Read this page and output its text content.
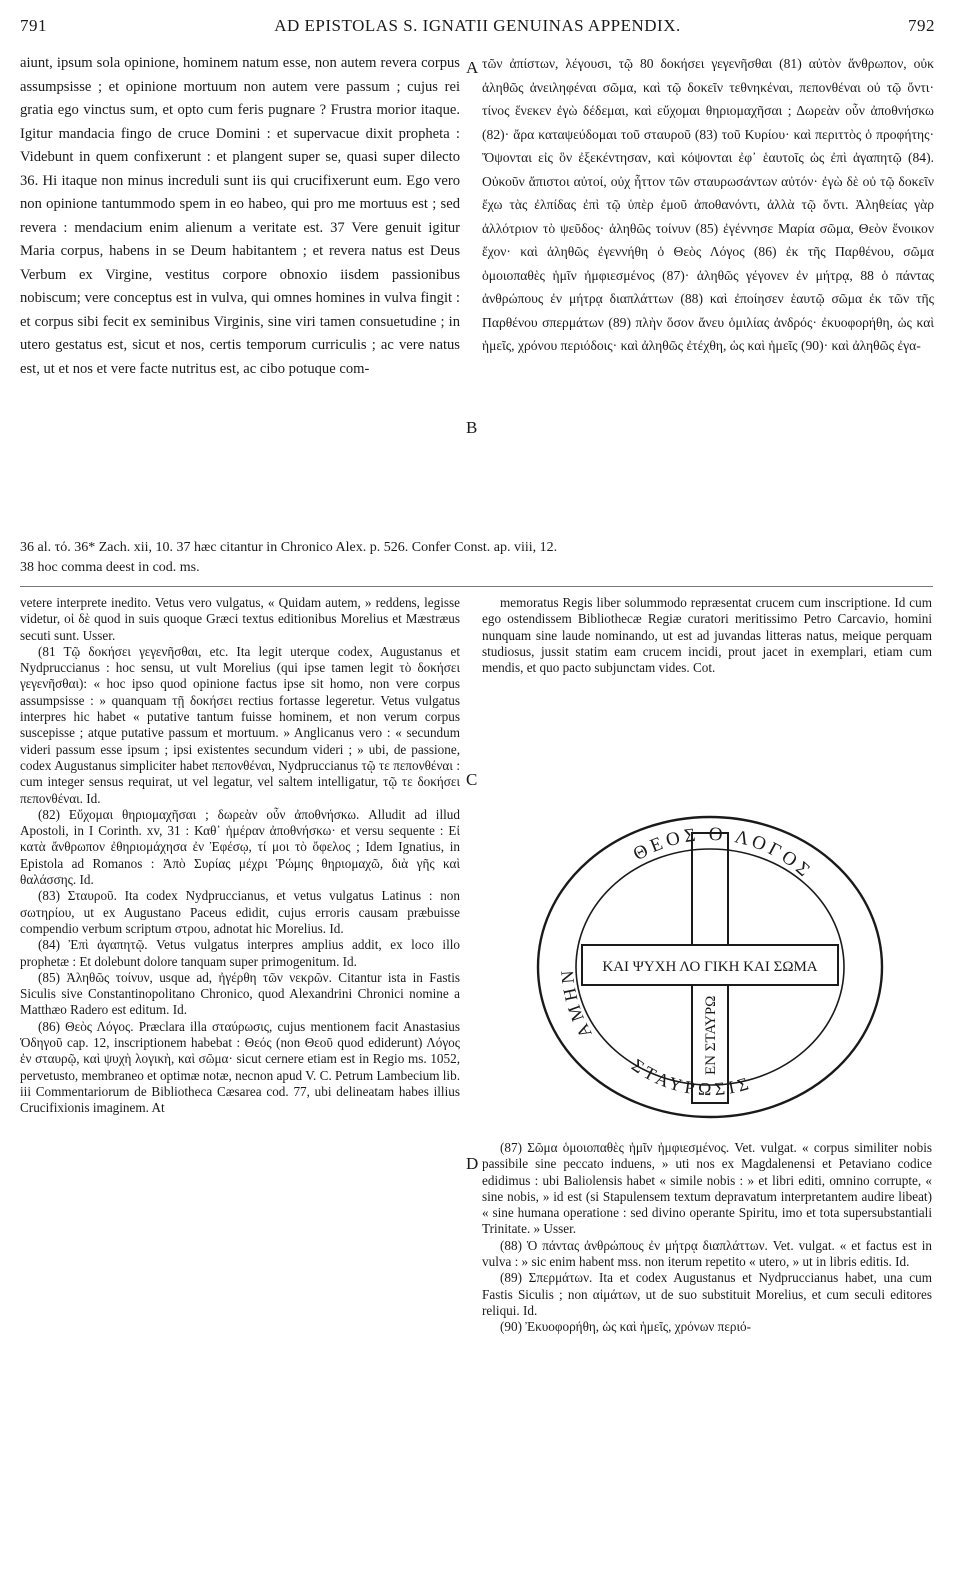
791	AD EPISTOLAS S. IGNATII GENUINAS APPENDIX.	792

aiunt, ipsum sola opinione, hominem natum esse, non autem revera corpus assumpsisse ; et opinione mortuum non autem vere passum ; cujus rei gratia ego vinctus sum, et opto cum feris pugnare ? Frustra morior itaque. Igitur mandacia fingo de cruce Domini : et supervacue dixit propheta : Videbunt in quem confixerunt : et plangent super se, quasi super dilecto 36. Hi itaque non minus increduli sunt iis qui crucifixerunt eum. Ego vero non opinione tantummodo spem in eo habeo, qui pro me mortuus est ; sed revera : mendacium enim alienum a veritate est. 37 Vere genuit igitur Maria corpus, habens in se Deum habitantem ; et revera natus est Deus Verbum ex Virgine, vestitus corpore obnoxio iisdem passionibus nobiscum; vere conceptus est in vulva, qui omnes homines in vulva fingit : et corpus sibi fecit ex seminibus Virginis, sine viri tamen consuetudine ; in utero gestatus est, sicut et nos, certis temporum curriculis ; ac vere natus est, ut et nos et vere facte nutritus est, ac cibo potuque com-

A
B

τῶν ἀπίστων, λέγουσι, τῷ 80 δοκήσει γεγενῆσθαι (81) αὐτὸν ἄνθρωπον, οὐκ ἀληθῶς ἀνειληφέναι σῶμα, καὶ τῷ δοκεῖν τεθνηκέναι, πεπονθέναι οὐ τῷ ὄντι· τίνος ἕνεκεν ἐγὼ δέδεμαι, καὶ εὔχομαι θηριομαχῆσαι ; Δωρεὰν οὖν ἀποθνήσκω (82)· ἄρα καταψεύδομαι τοῦ σταυροῦ (83) τοῦ Κυρίου· καὶ περιττὸς ὁ προφήτης· Ὄψονται εἰς ὃν ἐξεκέντησαν, καὶ κόψονται ἐφ᾽ ἑαυτοῖς ὡς ἐπὶ ἀγαπητῷ (84). Οὐκοῦν ἄπιστοι αὐτοί, οὐχ ἧττον τῶν σταυρωσάντων αὐτόν· ἐγὼ δὲ οὐ τῷ δοκεῖν ἔχω τὰς ἐλπίδας ἐπὶ τῷ ὑπὲρ ἐμοῦ ἀποθανόντι, ἀλλὰ τῷ ὄντι. Ἀληθείας γὰρ ἀλλότριον τὸ ψεῦδος· ἀληθῶς τοίνυν (85) ἐγέννησε Μαρία σῶμα, Θεὸν ἔνοικον ἔχον· καὶ ἀληθῶς ἐγεννήθη ὁ Θεὸς Λόγος (86) ἐκ τῆς Παρθένου, σῶμα ὁμοιοπαθὲς ἡμῖν ἠμφιεσμένος (87)· ἀληθῶς γέγονεν ἐν μήτρᾳ, 88 ὁ πάντας ἀνθρώπους ἐν μήτρᾳ διαπλάττων (88) καὶ ἐποίησεν ἑαυτῷ σῶμα ἐκ τῶν τῆς Παρθένου σπερμάτων (89) πλὴν ὅσον ἄνευ ὁμιλίας ἀνδρός· ἐκυοφορήθη, ὡς καὶ ἡμεῖς, χρόνου περιόδοις· καὶ ἀληθῶς ἐτέχθη, ὡς καὶ ἡμεῖς (90)· καὶ ἀληθῶς ἐγα-

36 al. τό. 36* Zach. xii, 10. 37 hæc citantur in Chronico Alex. p. 526. Confer Const. ap. viii, 12.
38 hoc comma deest in cod. ms.

vetere interprete inedito. Vetus vero vulgatus, « Quidam autem, » reddens, legisse videtur, οἱ δὲ quod in suis quoque Græci textus editionibus Morelius et Mæstræus secuti sunt. Usser.

(81 Τῷ δοκήσει γεγενῆσθαι, etc. Ita legit uterque codex, Augustanus et Nydpruccianus : hoc sensu, ut vult Morelius (qui ipse tamen legit τὸ δοκήσει γεγενῆσθαι): « hoc ipso quod opinione factus ipse sit homo, non vere corpus assumpsisse : » quanquam τῇ δοκήσει rectius fortasse legeretur. Vetus vulgatus interpres hic habet « putative tantum fuisse hominem, et non verum corpus suscepisse ; atque putative passum et mortuum. » Anglicanus vero : « secundum videri passum esse ipsum ; ipsi existentes secundum videri ; » ubi, de passione, codex Augustanus simpliciter habet πεπονθέναι, Nydpruccianus τῷ τε πεπονθέναι : cum integer sensus requirat, ut vel legatur, vel saltem intelligatur, τῷ τε δοκήσει πεπονθέναι. Id.

(82) Εὔχομαι θηριομαχῆσαι ; δωρεὰν οὖν ἀποθνήσκω. Alludit ad illud Apostoli, in I Corinth. xv, 31 : Καθ᾽ ἡμέραν ἀποθνήσκω· et versu sequente : Εἰ κατὰ ἄνθρωπον ἐθηριομάχησα ἐν Ἐφέσῳ, τί μοι τὸ ὄφελος ; Idem Ignatius, in Epistola ad Romanos : Ἀπὸ Συρίας μέχρι Ῥώμης θηριομαχῶ, διὰ γῆς καὶ θαλάσσης. Id.

(83) Σταυροῦ. Ita codex Nydpruccianus, et vetus vulgatus Latinus : non σωτηρίου, ut ex Augustano Paceus edidit, cujus erroris causam præbuisse compendio verbum scriptum στρου, adnotat hic Morelius. Id.

(84) Ἐπὶ ἀγαπητῷ. Vetus vulgatus interpres amplius addit, ex loco illo prophetæ : Et dolebunt dolore tanquam super primogenitum. Id.

(85) Ἀληθῶς τοίνυν, usque ad, ἠγέρθη τῶν νεκρῶν. Citantur ista in Fastis Siculis sive Constantinopolitano Chronico, quod Alexandrini Chronici nomine a Matthæo Radero est editum. Id.

(86) Θεὸς Λόγος. Præclara illa σταύρωσις, cujus mentionem facit Anastasius Ὁδηγοῦ cap. 12, inscriptionem habebat : Θεός (non Θεοῦ quod ediderunt) Λόγος ἐν σταυρῷ, καὶ ψυχὴ λογικὴ, καὶ σῶμα· sicut cernere etiam est in Regio ms. 1052, pervetusto, membraneo et optimæ notæ, necnon apud V. C. Petrum Lambecium lib. iii Commentariorum de Bibliotheca Cæsarea cod. 77, ubi delineatam habes illius Crucifixionis imaginem. At

C
D

memoratus Regis liber solummodo repræsentat crucem cum inscriptione. Id cum ego ostendissem Bibliothecæ Regiæ curatori meritissimo Petro Carcavio, homini nunquam sine laude nominando, ut est ad juvandas litteras natus, meique perquam studiosus, jussit statim eam crucem incidi, prout jacet in exemplari, etiam cum mendis, et quo pacto subjunctam vides. Cot.

ΘΕΟΣ Ο ΛΟΓΟΣ
ΣΤΑΥΡΩΣΙΣ
ΑΜΗΝ	ΚΑΙ ΨΥΧΗ ΛΟ ΓΙΚΗ ΚΑΙ ΣΩΜΑ
ΕΝ ΣΤΑΥΡΩ

(87) Σῶμα ὁμοιοπαθὲς ἡμῖν ἠμφιεσμένος. Vet. vulgat. « corpus similiter nobis passibile sine peccato induens, » uti nos ex Magdalenensi et Petaviano codice edidimus : ubi Baliolensis habet « simile nobis : » et libri editi, omnino corrupte, « sine nobis, » id est (si Stapulensem textum depravatum interpretantem audire libeat) « sine humana operatione : sed divino operante Spiritu, imo et tota supersubstantiali Trinitate. » Usser.

(88) Ὁ πάντας ἀνθρώπους ἐν μήτρᾳ διαπλάττων. Vet. vulgat. « et factus est in vulva : » sic enim habent mss. non iterum repetito « utero, » ut in libris editis. Id.

(89) Σπερμάτων. Ita et codex Augustanus et Nydpruccianus habet, una cum Fastis Siculis ; non αἱμάτων, ut de suo substituit Morelius, et cum seculi editores reliqui. Id.

(90) Ἐκυοφορήθη, ὡς καὶ ἡμεῖς, χρόνων περιό-
